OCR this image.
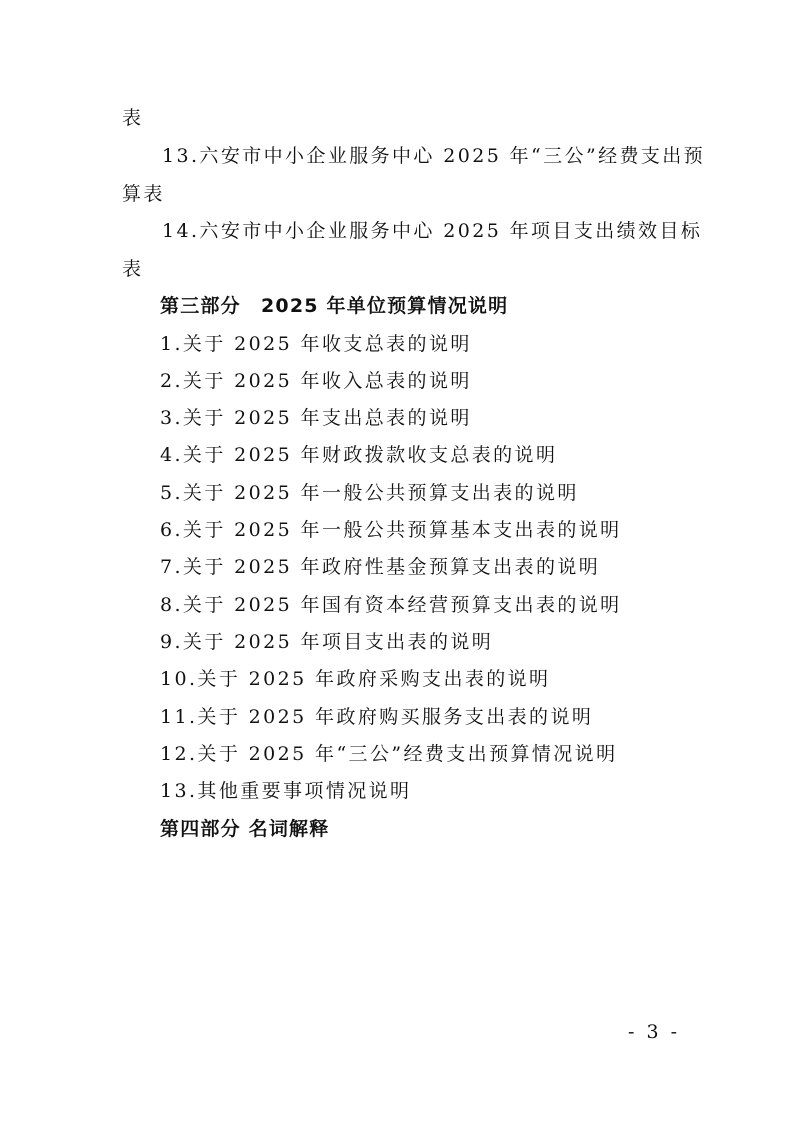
表
13.六安市中小企业服务中心 2025 年“三公”经费支出预
算表
14.六安市中小企业服务中心 2025 年项目支出绩效目标
表
第三部分　2025 年单位预算情况说明
1.关于 2025 年收支总表的说明
2.关于 2025 年收入总表的说明
3.关于 2025 年支出总表的说明
4.关于 2025 年财政拨款收支总表的说明
5.关于 2025 年一般公共预算支出表的说明
6.关于 2025 年一般公共预算基本支出表的说明
7.关于 2025 年政府性基金预算支出表的说明
8.关于 2025 年国有资本经营预算支出表的说明
9.关于 2025 年项目支出表的说明
10.关于 2025 年政府采购支出表的说明
11.关于 2025 年政府购买服务支出表的说明
12.关于 2025 年“三公”经费支出预算情况说明
13.其他重要事项情况说明
第四部分 名词解释
- 3 -
